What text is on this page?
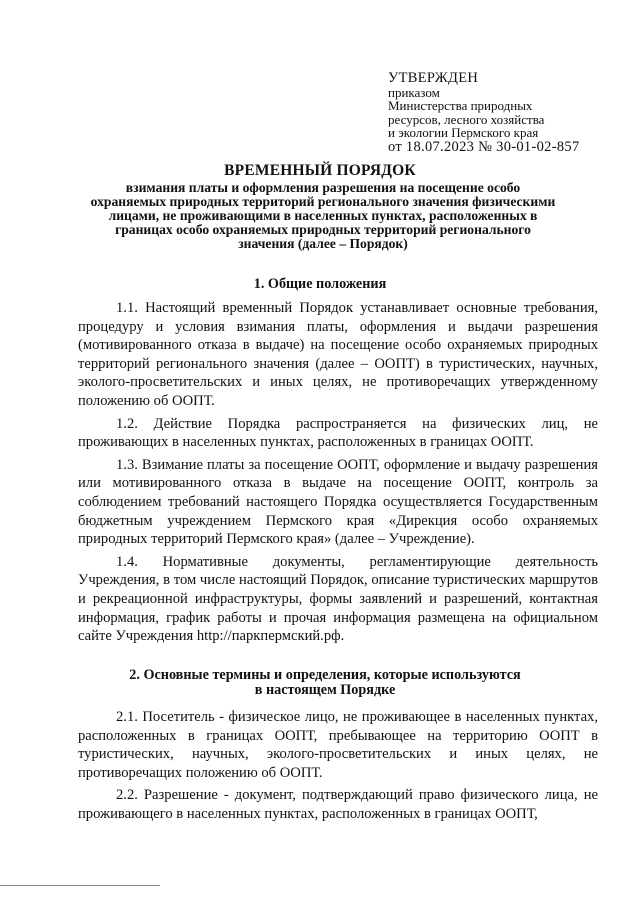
УТВЕРЖДЕН
приказом
Министерства природных
ресурсов, лесного хозяйства
и экологии Пермского края
от 18.07.2023 № 30-01-02-857
ВРЕМЕННЫЙ ПОРЯДОК
взимания платы и оформления разрешения на посещение особо охраняемых природных территорий регионального значения физическими лицами, не проживающими в населенных пунктах, расположенных в границах особо охраняемых природных территорий регионального значения (далее – Порядок)
1. Общие положения

1.1. Настоящий временный Порядок устанавливает основные требования, процедуру и условия взимания платы, оформления и выдачи разрешения (мотивированного отказа в выдаче) на посещение особо охраняемых природных территорий регионального значения (далее – ООПТ) в туристических, научных, эколого-просветительских и иных целях, не противоречащих утвержденному положению об ООПТ.

1.2. Действие Порядка распространяется на физических лиц, не проживающих в населенных пунктах, расположенных в границах ООПТ.

1.3. Взимание платы за посещение ООПТ, оформление и выдачу разрешения или мотивированного отказа в выдаче на посещение ООПТ, контроль за соблюдением требований настоящего Порядка осуществляется Государственным бюджетным учреждением Пермского края «Дирекция особо охраняемых природных территорий Пермского края» (далее – Учреждение).

1.4. Нормативные документы, регламентирующие деятельность Учреждения, в том числе настоящий Порядок, описание туристических маршрутов и рекреационной инфраструктуры, формы заявлений и разрешений, контактная информация, график работы и прочая информация размещена на официальном сайте Учреждения http://паркпермский.рф.

2. Основные термины и определения, которые используются
в настоящем Порядке

2.1. Посетитель - физическое лицо, не проживающее в населенных пунктах, расположенных в границах ООПТ, пребывающее на территорию ООПТ в туристических, научных, эколого-просветительских и иных целях, не противоречащих положению об ООПТ.

2.2. Разрешение - документ, подтверждающий право физического лица, не проживающего в населенных пунктах, расположенных в границах ООПТ,
